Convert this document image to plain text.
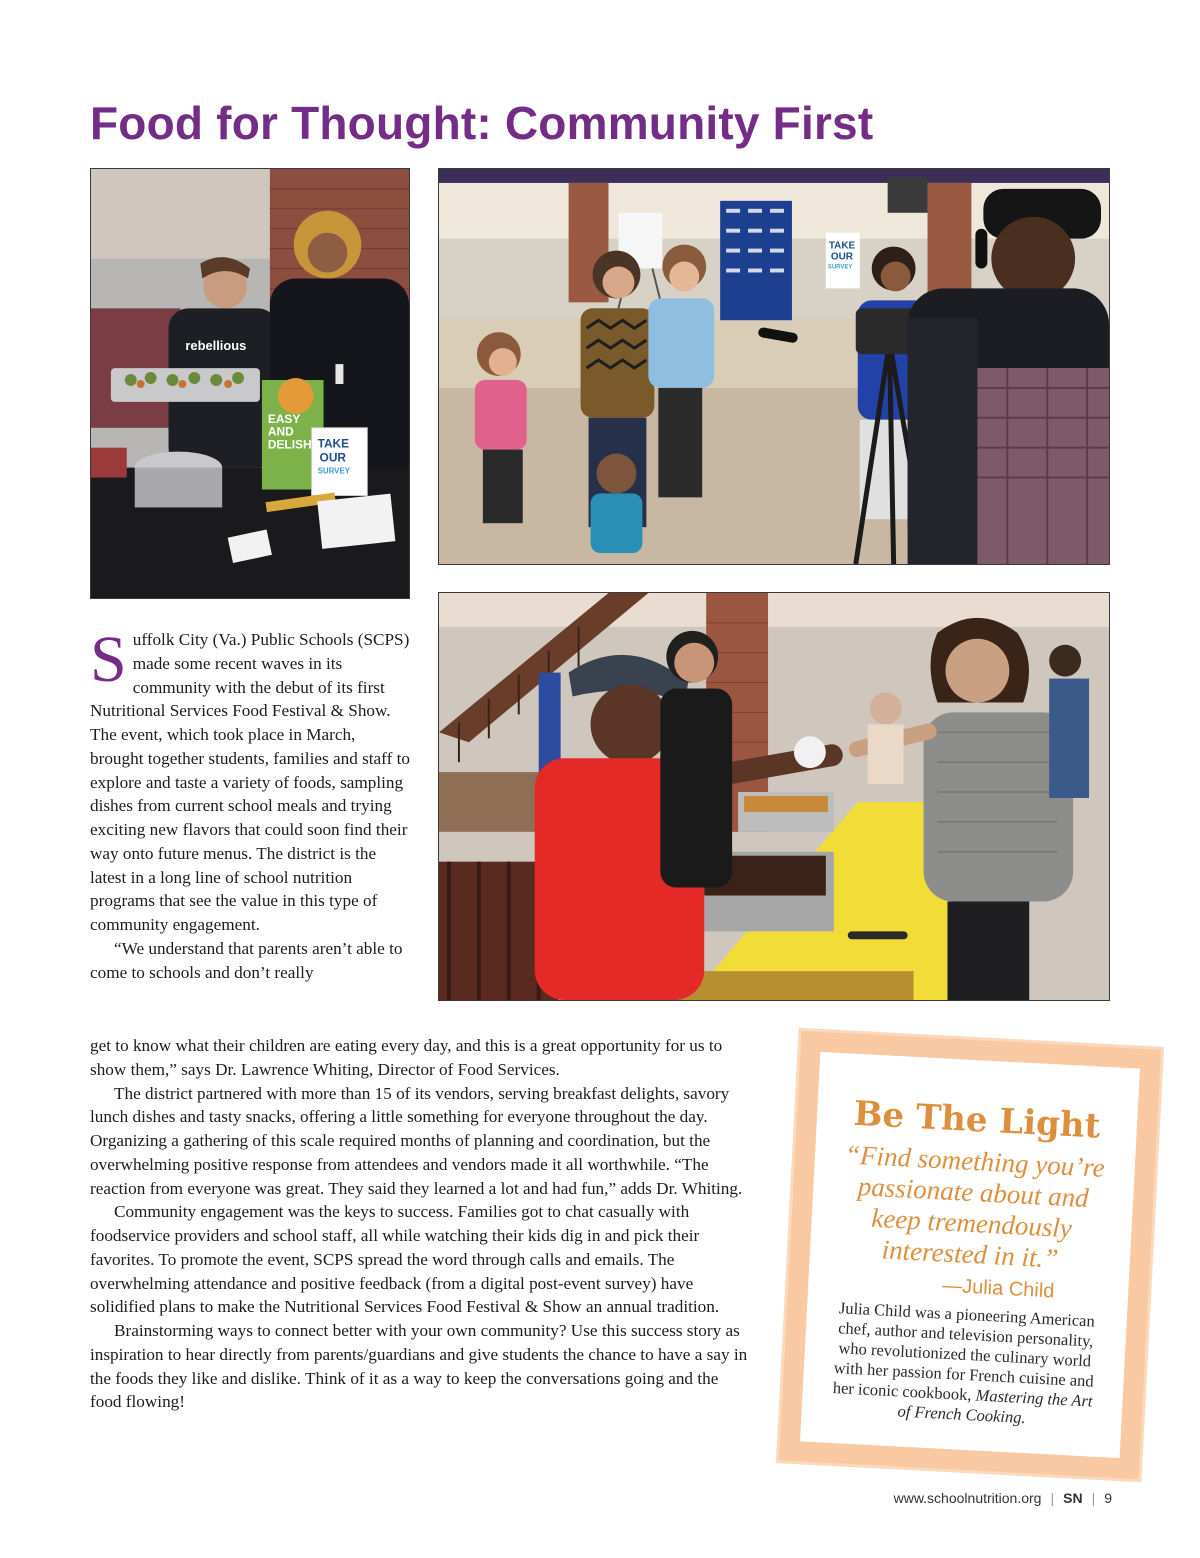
Food for Thought: Community First
rebellious
EASY
AND
DELISH TAKE
OUR
SURVEY
TAKE
OUR
SURVEY

Suffolk City (Va.) Public Schools (SCPS) made some recent waves in its community with the debut of its first Nutritional Services Food Festival & Show. The event, which took place in March, brought together students, families and staff to explore and taste a variety of foods, sampling dishes from current school meals and trying exciting new flavors that could soon find their way onto future menus. The district is the latest in a long line of school nutrition programs that see the value in this type of community engagement.

“We understand that parents aren’t able to come to schools and don’t really

get to know what their children are eating every day, and this is a great opportunity for us to show them,” says Dr. Lawrence Whiting, Director of Food Services.

The district partnered with more than 15 of its vendors, serving breakfast delights, savory lunch dishes and tasty snacks, offering a little something for everyone throughout the day. Organizing a gathering of this scale required months of planning and coordination, but the overwhelming positive response from attendees and vendors made it all worthwhile. “The reaction from everyone was great. They said they learned a lot and had fun,” adds Dr. Whiting.

Community engagement was the keys to success. Families got to chat casually with foodservice providers and school staff, all while watching their kids dig in and pick their favorites. To promote the event, SCPS spread the word through calls and emails. The overwhelming attendance and positive feedback (from a digital post-event survey) have solidified plans to make the Nutritional Services Food Festival & Show an annual tradition.

Brainstorming ways to connect better with your own community? Use this success story as inspiration to hear directly from parents/guardians and give students the chance to have a say in the foods they like and dislike. Think of it as a way to keep the conversations going and the food flowing!

Be The Light
“Find something you’re passionate about and keep tremendously interested in it.”
—Julia Child
Julia Child was a pioneering American chef, author and television personality, who revolutionized the culinary world with her passion for French cuisine and her iconic cookbook, Mastering the Art of French Cooking.
www.schoolnutrition.org | SN | 9
